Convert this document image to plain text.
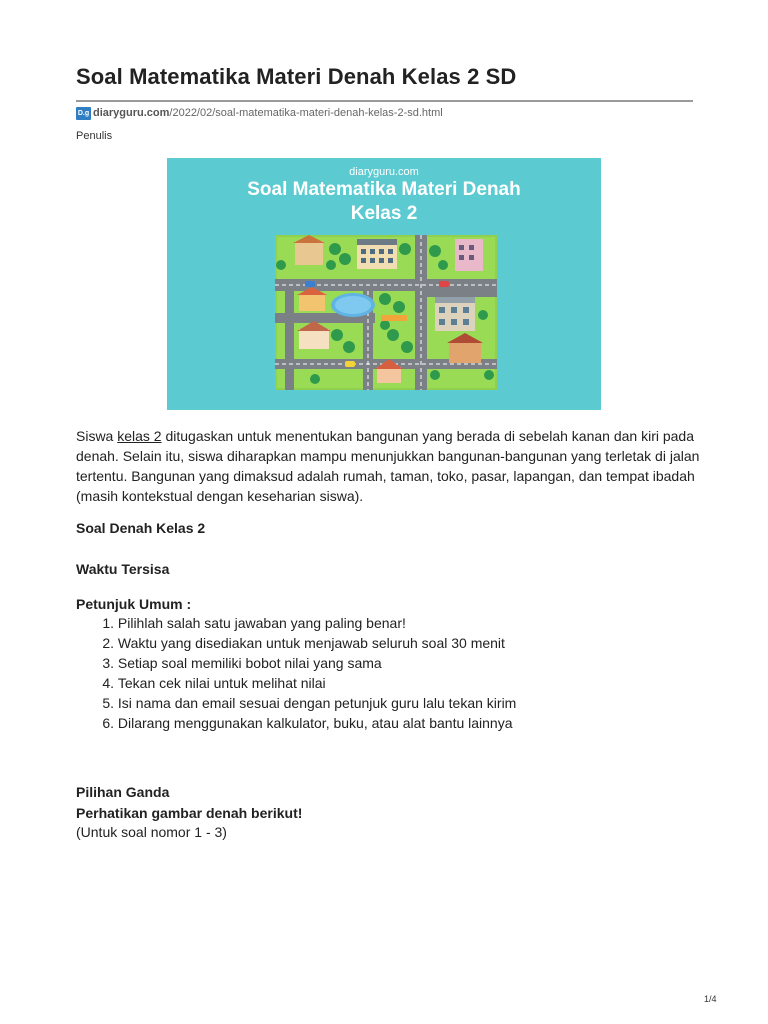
Soal Matematika Materi Denah Kelas 2 SD
D.g diaryguru.com /2022/02/soal-matematika-materi-denah-kelas-2-sd.html
Penulis
diaryguru.com
Soal Matematika Materi Denah
Kelas 2

Siswa kelas 2 ditugaskan untuk menentukan bangunan yang berada di sebelah kanan dan kiri pada denah. Selain itu, siswa diharapkan mampu menunjukkan bangunan-bangunan yang terletak di jalan tertentu. Bangunan yang dimaksud adalah rumah, taman, toko, pasar, lapangan, dan tempat ibadah (masih kontekstual dengan keseharian siswa).

Soal Denah Kelas 2
Waktu Tersisa
Petunjuk Umum :
1.
Pilihlah salah satu jawaban yang paling benar!
2.
Waktu yang disediakan untuk menjawab seluruh soal 30 menit
3.
Setiap soal memiliki bobot nilai yang sama
4.
Tekan cek nilai untuk melihat nilai
5.
Isi nama dan email sesuai dengan petunjuk guru lalu tekan kirim
6.
Dilarang menggunakan kalkulator, buku, atau alat bantu lainnya
Pilihan Ganda
Perhatikan gambar denah berikut!
(Untuk soal nomor 1 - 3)
1/4
